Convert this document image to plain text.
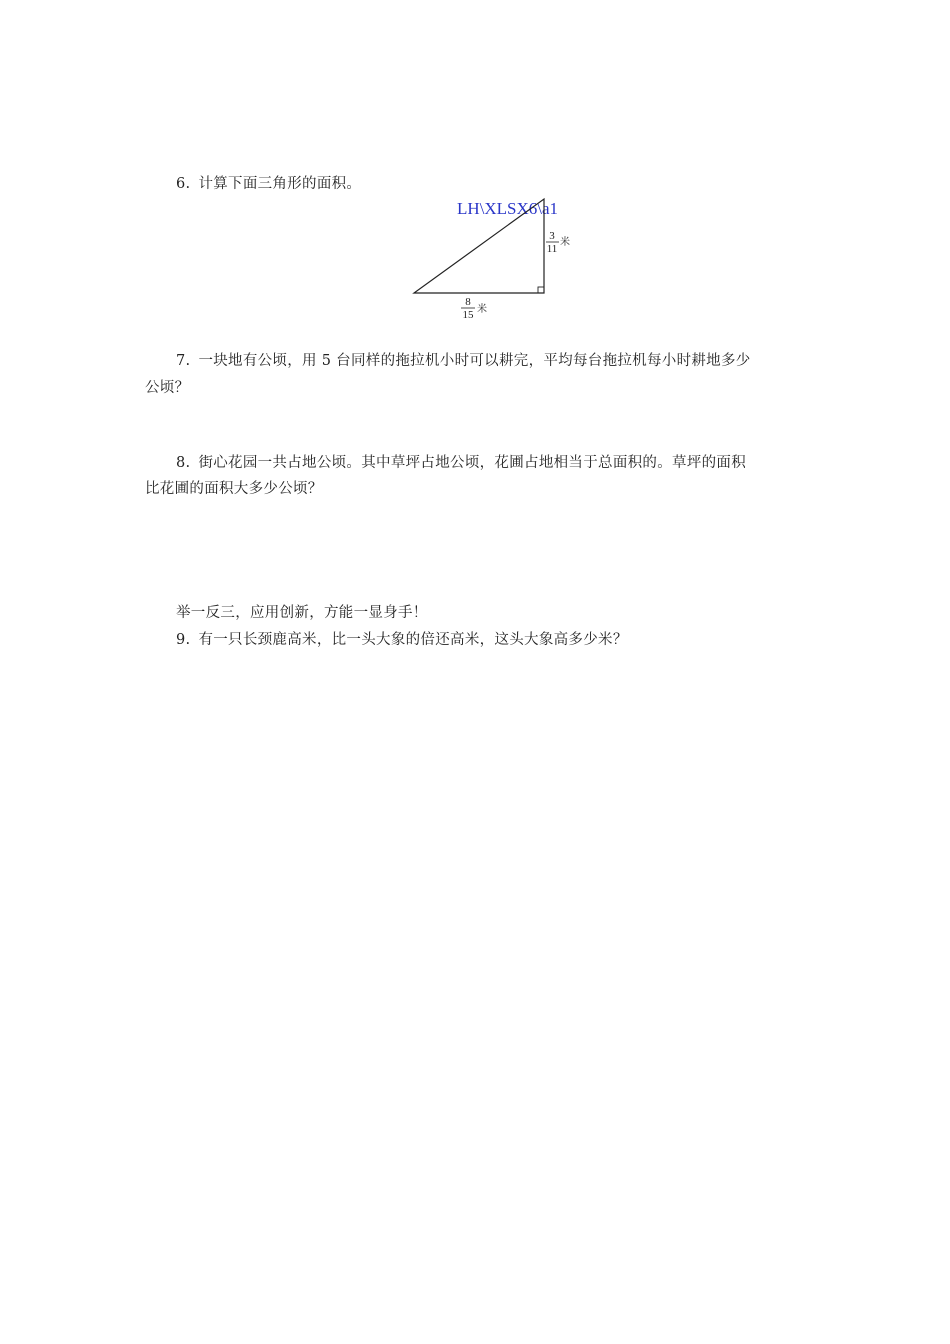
6. 计算下面三角形的面积。
LH\XLSX6\a1
3
11
米
8
15 米
7. 一块地有公顷，用 5 台同样的拖拉机小时可以耕完，平均每台拖拉机每小时耕地多少
公顷？
8. 街心花园一共占地公顷。其中草坪占地公顷，花圃占地相当于总面积的。草坪的面积
比花圃的面积大多少公顷？
举一反三，应用创新，方能一显身手！
9. 有一只长颈鹿高米，比一头大象的倍还高米，这头大象高多少米？
